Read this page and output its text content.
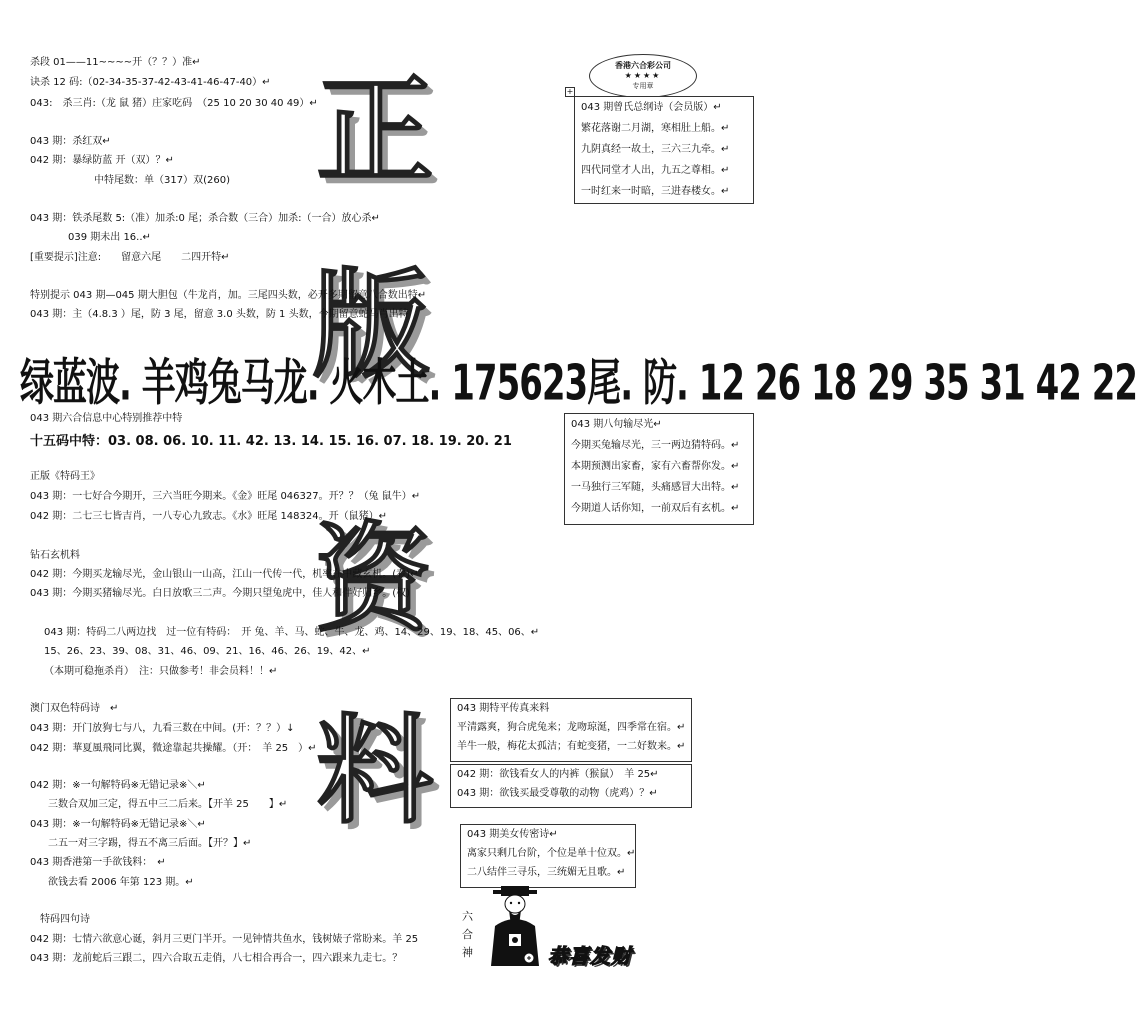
正
版
资
料
杀段 01——11~~~~开（？？）准↵
诀杀 12 码:（02-34-35-37-42-43-41-46-47-40）↵
043:　杀三肖:（龙 鼠 猪）庄家吃码　（25 10 20 30 40 49）↵
043 期：杀红双↵
042 期：暴绿防蓝 开（双）？↵
中特尾数：单（317）双(260)
043 期：铁杀尾数 5:（准）加杀:0 尾；杀合数（三合）加杀:（一合）放心杀↵
039 期未出 16..↵
[重要提示]注意:　　留意六尾　　二四开特↵
特别提示 043 期—045 期大胆包（牛龙肖，加。三尾四头数，必开多期留意八合数出特↵
043 期：主（4.8.3 ）尾，防 3 尾，留意 3.0 头数，防 1 头数，今期留意蛇马肖出特
绿蓝波. 羊鸡兔马龙. 火木土. 175623尾. 防. 12 26 18 29 35 31 42 22
043 期六合信息中心特别推荐中特
十五码中特：03. 08. 06. 10. 11. 42. 13. 14. 15. 16. 07. 18. 19. 20. 21
正版《特码王》
043 期：一七好合今期开，三六当旺今期来。《金》旺尾 046327。开？？（兔 鼠牛）↵
042 期：二七三七皆吉肖，一八专心九致志。《水》旺尾 148324。开（鼠猪）↵
钻石玄机料
042 期：今期买龙输尽光，金山银山一山高，江山一代传一代，机率在中藏玄机。(看)↵
043 期：今期买猪输尽光。白日放歌三二声。今期只望兔虎中，佳人和伴好归乡。(权)
043 期：特码二八两边找　过一位有特码：　开 兔、羊、马、蛇、牛、龙、鸡、14、29、19、18、45、06、↵
15、26、23、39、08、31、46、09、21、16、46、26、19、42、↵
（本期可稳拖杀肖）　注：只做参考！非会员料！！↵
澳门双色特码诗　↵
043 期：开门放狗七与八，九看三数在中间。(开：？？）↓
042 期：華夏風飛同比翼，微途靠起共操耀。（开：　羊 25　）↵
042 期：※一句解特码※无错记录※＼↵
三数合双加三定，得五中三二后来。【开羊 25　　】↵
043 期：※一句解特码※无错记录※＼↵
二五一对三字踢，得五不离三后面。【开？】↵
043 期香港第一手欲钱料：　↵
欲钱去看 2006 年第 123 期。↵
特码四句诗
042 期：七情六欲意心诞，斜月三更门半开。一见钟情共鱼水，钱树婊子常盼来。羊 25
043 期：龙前蛇后三跟二，四六合取五走俏，八七相合再合一，四六跟来九走七。？
香港六合彩公司
★★★★
专用章
+
043 期曾氏总纲诗（会员版）↵
繁花落谢二月湖，寒相肚上船。↵
九阴真经一故土，三六三九牵。↵
四代同堂才人出，九五之尊相。↵
一时红来一时暗，三进春楼女。↵
043 期八句输尽光↵
今期买兔输尽光，三一两边猜特码。↵
本期预测出家畜，家有六畜帮你发。↵
一马独行三军随，头痛感冒大出特。↵
今期道人话你知，一前双后有玄机。↵
043 期特平传真来料
平清露爽，狗合虎兔来；龙吻琼涎，四季常在宿。↵
羊牛一般，梅花太孤洁；有蛇变猪，一二好数来。↵
042 期：欲钱看女人的内裤（猴鼠）　羊 25↵
043 期：欲钱买最受尊敬的动物（虎鸡）？↵
043 期美女传密诗↵
离家只剩几台阶，个位是单十位双。↵
二八结伴三寻乐，三统媚无且歌。↵
六
合
神	恭喜发财
